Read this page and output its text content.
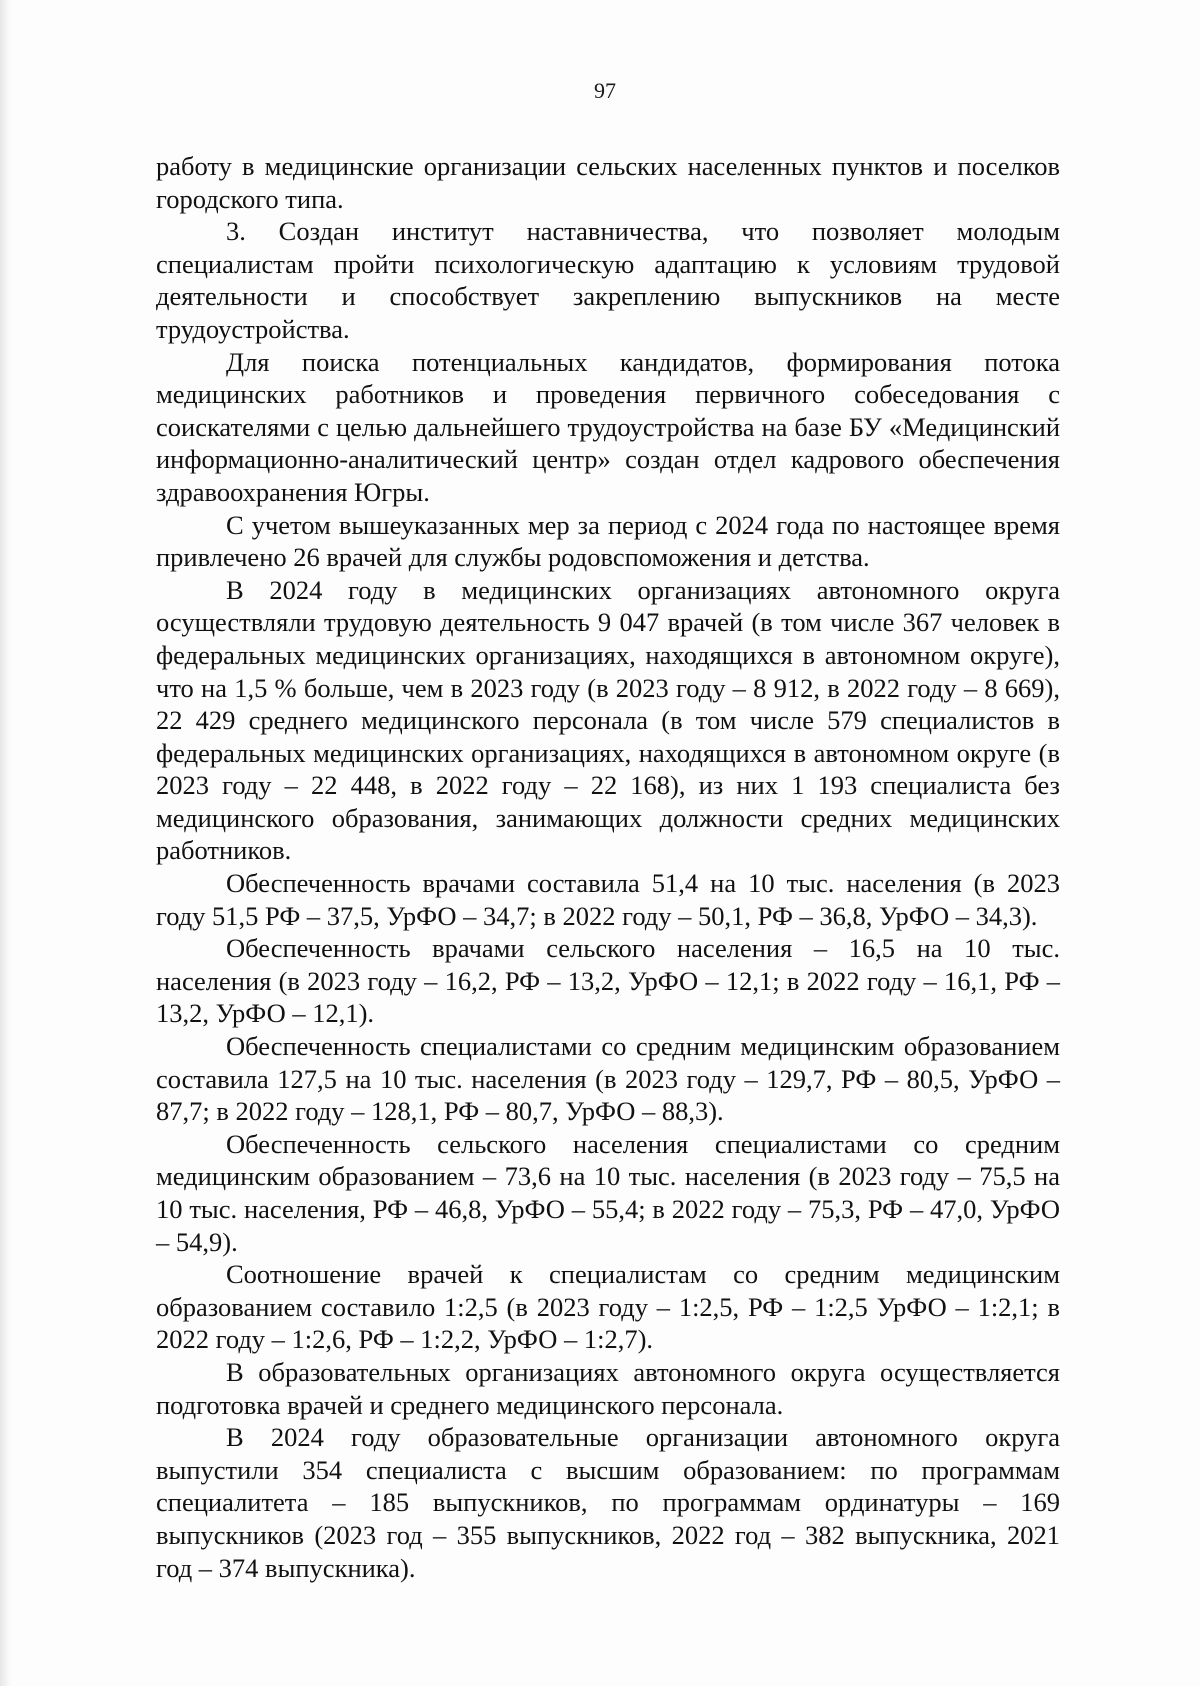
97

работу в медицинские организации сельских населенных пунктов и поселков городского типа.

3. Создан институт наставничества, что позволяет молодым специалистам пройти психологическую адаптацию к условиям трудовой деятельности и способствует закреплению выпускников на месте трудоустройства.

Для поиска потенциальных кандидатов, формирования потока медицинских работников и проведения первичного собеседования с соискателями с целью дальнейшего трудоустройства на базе БУ «Медицинский информационно-аналитический центр» создан отдел кадрового обеспечения здравоохранения Югры.

С учетом вышеуказанных мер за период с 2024 года по настоящее время привлечено 26 врачей для службы родовспоможения и детства.

В 2024 году в медицинских организациях автономного округа осуществляли трудовую деятельность 9 047 врачей (в том числе 367 человек в федеральных медицинских организациях, находящихся в автономном округе), что на 1,5 % больше, чем в 2023 году (в 2023 году – 8 912, в 2022 году – 8 669), 22 429 среднего медицинского персонала (в том числе 579 специалистов в федеральных медицинских организациях, находящихся в автономном округе (в 2023 году – 22 448, в 2022 году – 22 168), из них 1 193 специалиста без медицинского образования, занимающих должности средних медицинских работников.

Обеспеченность врачами составила 51,4 на 10 тыс. населения (в 2023 году 51,5 РФ – 37,5, УрФО – 34,7; в 2022 году – 50,1, РФ – 36,8, УрФО – 34,3).

Обеспеченность врачами сельского населения – 16,5 на 10 тыс. населения (в 2023 году – 16,2, РФ – 13,2, УрФО – 12,1; в 2022 году – 16,1, РФ – 13,2, УрФО – 12,1).

Обеспеченность специалистами со средним медицинским образованием составила 127,5 на 10 тыс. населения (в 2023 году – 129,7, РФ – 80,5, УрФО – 87,7; в 2022 году – 128,1, РФ – 80,7, УрФО – 88,3).

Обеспеченность сельского населения специалистами со средним медицинским образованием – 73,6 на 10 тыс. населения (в 2023 году – 75,5 на 10 тыс. населения, РФ – 46,8, УрФО – 55,4; в 2022 году – 75,3, РФ – 47,0, УрФО – 54,9).

Соотношение врачей к специалистам со средним медицинским образованием составило 1:2,5 (в 2023 году – 1:2,5, РФ – 1:2,5 УрФО – 1:2,1; в 2022 году – 1:2,6, РФ – 1:2,2, УрФО – 1:2,7).

В образовательных организациях автономного округа осуществляется подготовка врачей и среднего медицинского персонала.

В 2024 году образовательные организации автономного округа выпустили 354 специалиста с высшим образованием: по программам специалитета – 185 выпускников, по программам ординатуры – 169 выпускников (2023 год – 355 выпускников, 2022 год – 382 выпускника, 2021 год – 374 выпускника).
